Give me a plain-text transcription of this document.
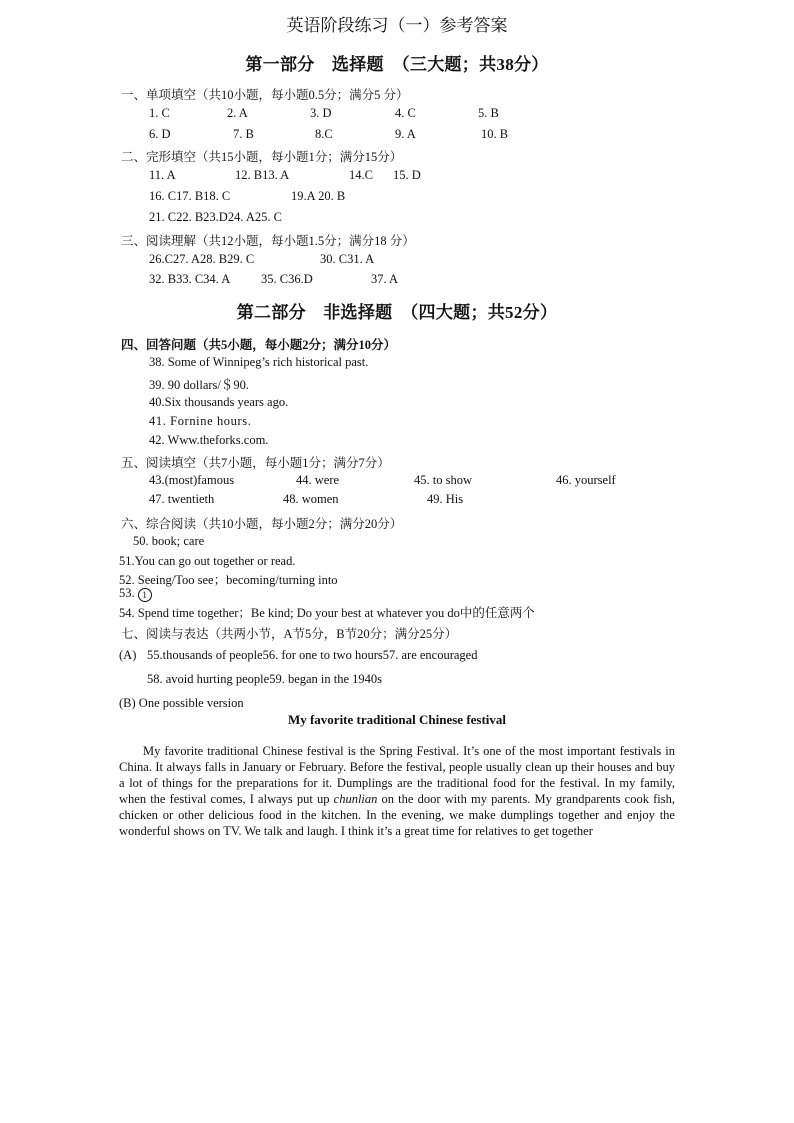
英语阶段练习（一）参考答案
第一部分　选择题　（三大题；共38分）
一、单项填空（共10小题，每小题0.5分；满分5 分）
1. C	2. A	3. D	4. C	5. B
6. D	7. B	8.C	9. A	10. B
二、完形填空（共15小题，每小题1分；满分15分）
11. A	12. B13. A	14.C 15. D
16. C17. B18. C	19.A 20. B
21. C22. B23.D24. A25. C
三、阅读理解（共12小题，每小题1.5分；满分18 分）
26.C27. A28. B29. C	30. C31. A
32. B33. C34. A 35. C36.D	37. A
第二部分　非选择题　（四大题；共52分）
四、回答问题（共5小题，每小题2分；满分10分）
38. Some of Winnipeg’s rich historical past.
39. 90 dollars/＄90.
40.Six thousands years ago.
41. Fornine hours.
42. Www.theforks.com.
五、阅读填空（共7小题，每小题1分；满分7分）
43.(most)famous	44. were	45. to show	46. yourself
47. twentieth	48. women	49. His
六、综合阅读（共10小题，每小题2分；满分20分）
50. book; care
51.You can go out together or read.
52. Seeing/Too see；becoming/turning into
53. 1
54. Spend time together；Be kind; Do your best at whatever you do中的任意两个
七、阅读与表达（共两小节，A节5分，B节20分；满分25分）
(A) 55.thousands of people56. for one to two hours57. are encouraged
58. avoid hurting people59. began in the 1940s
(B) One possible version
My favorite traditional Chinese festival
My favorite traditional Chinese festival is the Spring Festival. It’s one of the most important festivals in China. It always falls in January or February. Before the festival, people usually clean up their houses and buy a lot of things for the preparations for it. Dumplings are the traditional food for the festival. In my family, when the festival comes, I always put up chunlian on the door with my parents. My grandparents cook fish, chicken or other delicious food in the kitchen. In the evening, we make dumplings together and enjoy the wonderful shows on TV. We talk and laugh. I think it’s a great time for relatives to get together
